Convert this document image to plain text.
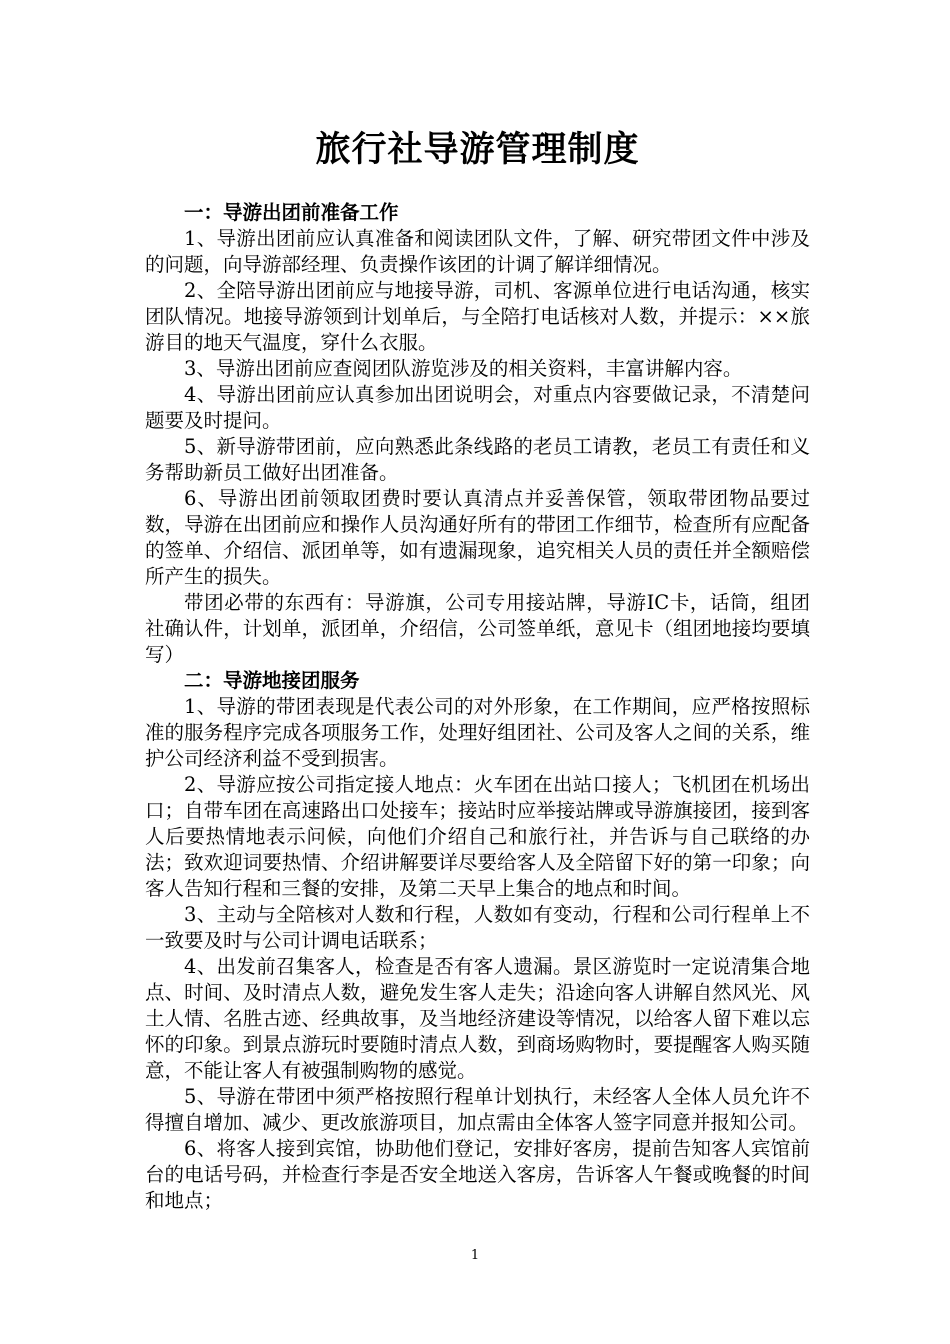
旅行社导游管理制度
一：导游出团前准备工作

1、导游出团前应认真准备和阅读团队文件，了解、研究带团文件中涉及的问题，向导游部经理、负责操作该团的计调了解详细情况。

2、全陪导游出团前应与地接导游，司机、客源单位进行电话沟通，核实团队情况。地接导游领到计划单后，与全陪打电话核对人数，并提示：××旅游目的地天气温度，穿什么衣服。

3、导游出团前应查阅团队游览涉及的相关资料，丰富讲解内容。

4、导游出团前应认真参加出团说明会，对重点内容要做记录，不清楚问题要及时提问。

5、新导游带团前，应向熟悉此条线路的老员工请教，老员工有责任和义务帮助新员工做好出团准备。

6、导游出团前领取团费时要认真清点并妥善保管，领取带团物品要过数，导游在出团前应和操作人员沟通好所有的带团工作细节，检查所有应配备的签单、介绍信、派团单等，如有遗漏现象，追究相关人员的责任并全额赔偿所产生的损失。

带团必带的东西有：导游旗，公司专用接站牌，导游IC卡，话筒，组团社确认件，计划单，派团单，介绍信，公司签单纸，意见卡（组团地接均要填写）

二：导游地接团服务

1、导游的带团表现是代表公司的对外形象，在工作期间，应严格按照标准的服务程序完成各项服务工作，处理好组团社、公司及客人之间的关系，维护公司经济利益不受到损害。

2、导游应按公司指定接人地点：火车团在出站口接人；飞机团在机场出口；自带车团在高速路出口处接车；接站时应举接站牌或导游旗接团，接到客人后要热情地表示问候，向他们介绍自己和旅行社，并告诉与自己联络的办法；致欢迎词要热情、介绍讲解要详尽要给客人及全陪留下好的第一印象；向客人告知行程和三餐的安排，及第二天早上集合的地点和时间。

3、主动与全陪核对人数和行程，人数如有变动，行程和公司行程单上不一致要及时与公司计调电话联系；

4、出发前召集客人，检查是否有客人遗漏。景区游览时一定说清集合地点、时间、及时清点人数，避免发生客人走失；沿途向客人讲解自然风光、风土人情、名胜古迹、经典故事，及当地经济建设等情况，以给客人留下难以忘怀的印象。到景点游玩时要随时清点人数，到商场购物时，要提醒客人购买随意，不能让客人有被强制购物的感觉。

5、导游在带团中须严格按照行程单计划执行，未经客人全体人员允许不得擅自增加、减少、更改旅游项目，加点需由全体客人签字同意并报知公司。

6、将客人接到宾馆，协助他们登记，安排好客房，提前告知客人宾馆前台的电话号码，并检查行李是否安全地送入客房，告诉客人午餐或晚餐的时间和地点；

1
